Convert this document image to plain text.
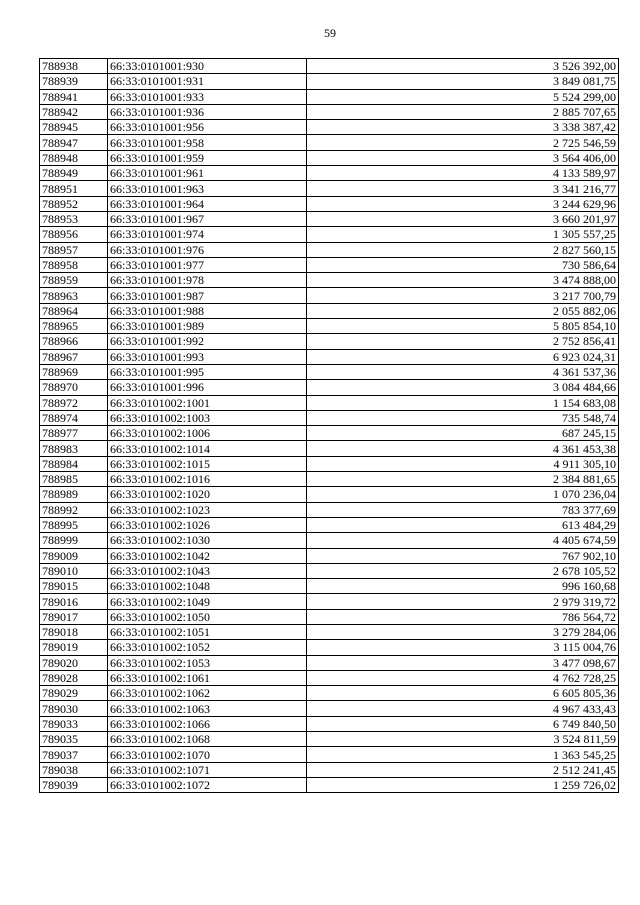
59
788938	66:33:0101001:930	3 526 392,00
788939	66:33:0101001:931	3 849 081,75
788941	66:33:0101001:933	5 524 299,00
788942	66:33:0101001:936	2 885 707,65
788945	66:33:0101001:956	3 338 387,42
788947	66:33:0101001:958	2 725 546,59
788948	66:33:0101001:959	3 564 406,00
788949	66:33:0101001:961	4 133 589,97
788951	66:33:0101001:963	3 341 216,77
788952	66:33:0101001:964	3 244 629,96
788953	66:33:0101001:967	3 660 201,97
788956	66:33:0101001:974	1 305 557,25
788957	66:33:0101001:976	2 827 560,15
788958	66:33:0101001:977	730 586,64
788959	66:33:0101001:978	3 474 888,00
788963	66:33:0101001:987	3 217 700,79
788964	66:33:0101001:988	2 055 882,06
788965	66:33:0101001:989	5 805 854,10
788966	66:33:0101001:992	2 752 856,41
788967	66:33:0101001:993	6 923 024,31
788969	66:33:0101001:995	4 361 537,36
788970	66:33:0101001:996	3 084 484,66
788972	66:33:0101002:1001	1 154 683,08
788974	66:33:0101002:1003	735 548,74
788977	66:33:0101002:1006	687 245,15
788983	66:33:0101002:1014	4 361 453,38
788984	66:33:0101002:1015	4 911 305,10
788985	66:33:0101002:1016	2 384 881,65
788989	66:33:0101002:1020	1 070 236,04
788992	66:33:0101002:1023	783 377,69
788995	66:33:0101002:1026	613 484,29
788999	66:33:0101002:1030	4 405 674,59
789009	66:33:0101002:1042	767 902,10
789010	66:33:0101002:1043	2 678 105,52
789015	66:33:0101002:1048	996 160,68
789016	66:33:0101002:1049	2 979 319,72
789017	66:33:0101002:1050	786 564,72
789018	66:33:0101002:1051	3 279 284,06
789019	66:33:0101002:1052	3 115 004,76
789020	66:33:0101002:1053	3 477 098,67
789028	66:33:0101002:1061	4 762 728,25
789029	66:33:0101002:1062	6 605 805,36
789030	66:33:0101002:1063	4 967 433,43
789033	66:33:0101002:1066	6 749 840,50
789035	66:33:0101002:1068	3 524 811,59
789037	66:33:0101002:1070	1 363 545,25
789038	66:33:0101002:1071	2 512 241,45
789039	66:33:0101002:1072	1 259 726,02
